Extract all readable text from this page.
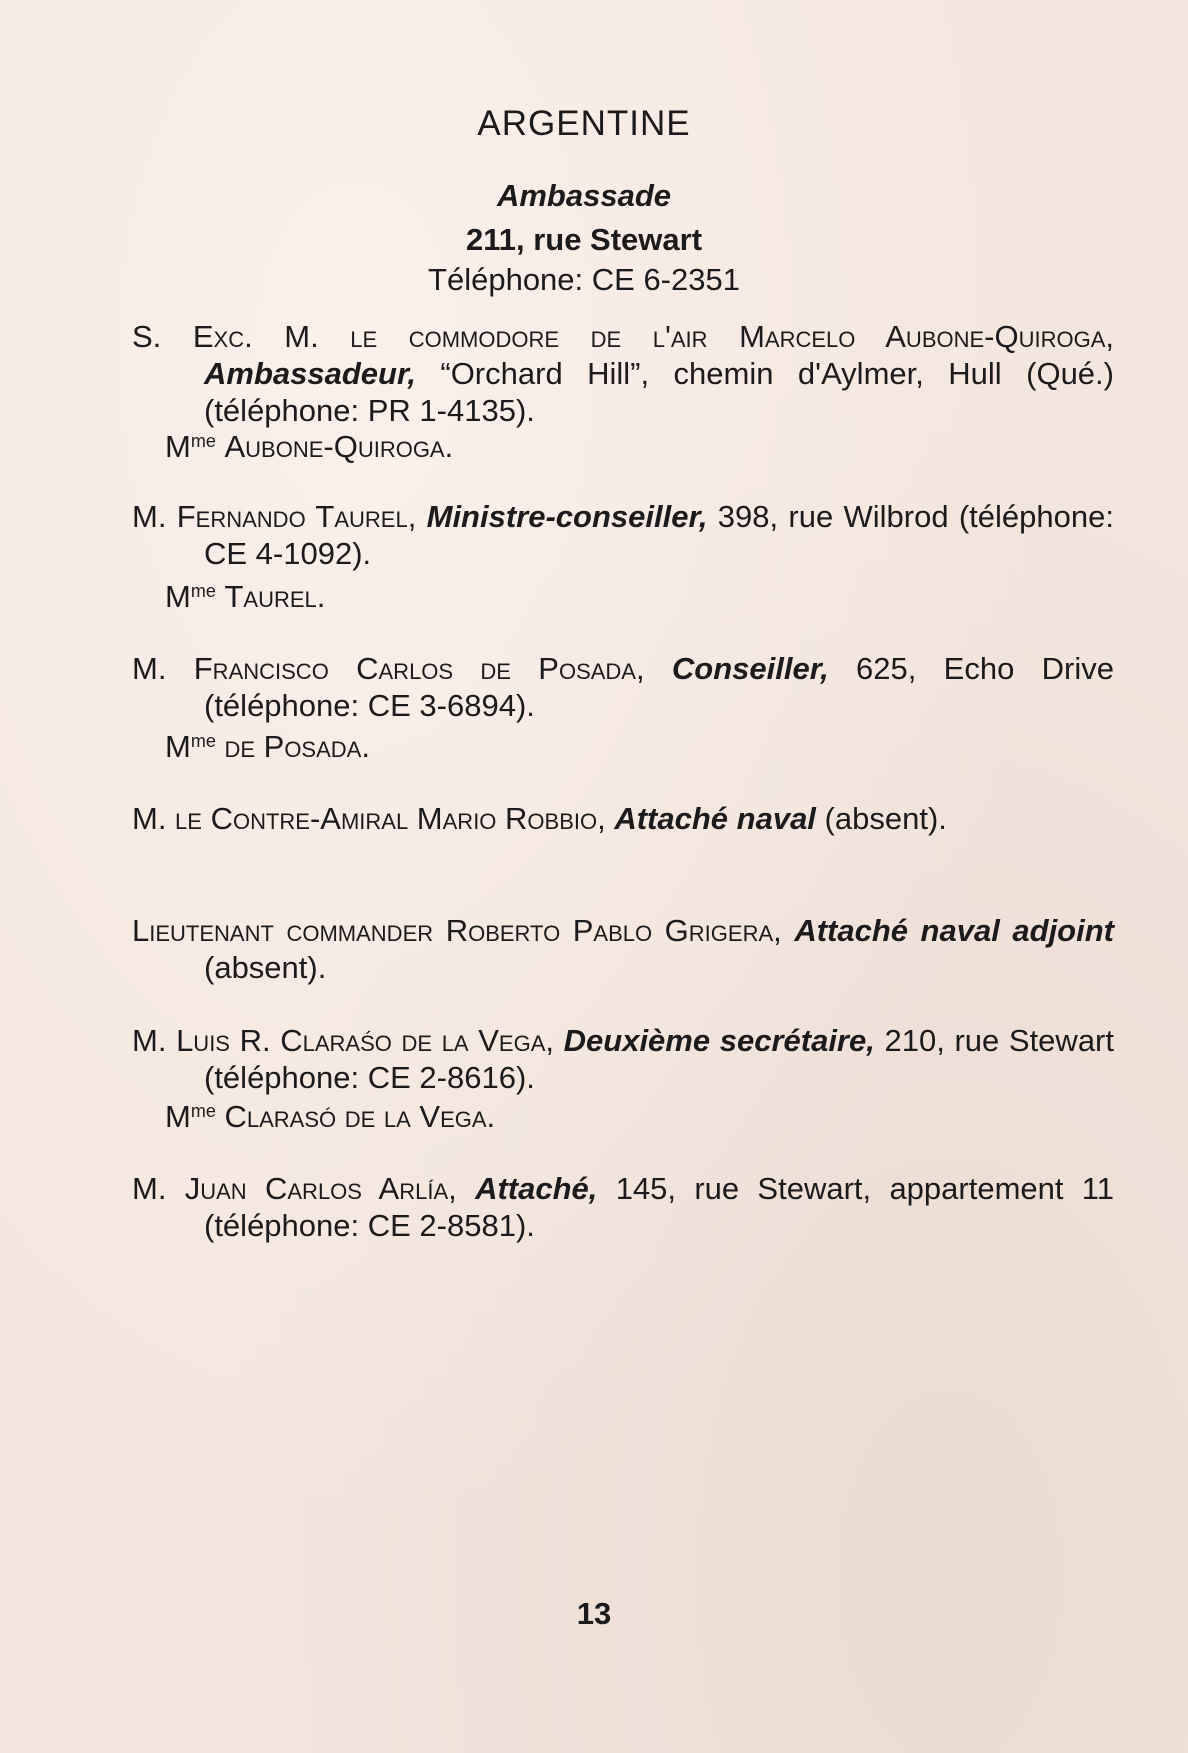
ARGENTINE
Ambassade
211, rue Stewart
Téléphone: CE 6-2351
S. Exc. M. le commodore de l'air Marcelo Aubone-Quiroga, Ambassadeur, “Orchard Hill”, chemin d'Aylmer, Hull (Qué.) (téléphone: PR 1-4135).
$M^{me}$ Aubone-Quiroga.
M. Fernando Taurel, Ministre-conseiller, 398, rue Wilbrod (téléphone: CE 4-1092).
$M^{me}$ Taurel.
M. Francisco Carlos de Posada, Conseiller, 625, Echo Drive (téléphone: CE 3-6894).
$M^{me}$ de Posada.
M. le Contre-Amiral Mario Robbio, Attaché naval (absent).
Lieutenant commander Roberto Pablo Grigera, Attaché naval adjoint (absent).
M. Luis R. Claraśo de la Vega, Deuxième secrétaire, 210, rue Stewart (téléphone: CE 2-8616).
$M^{me}$ Clarasó de la Vega.
M. Juan Carlos Arlía, Attaché, 145, rue Stewart, appartement 11 (téléphone: CE 2-8581).
13
